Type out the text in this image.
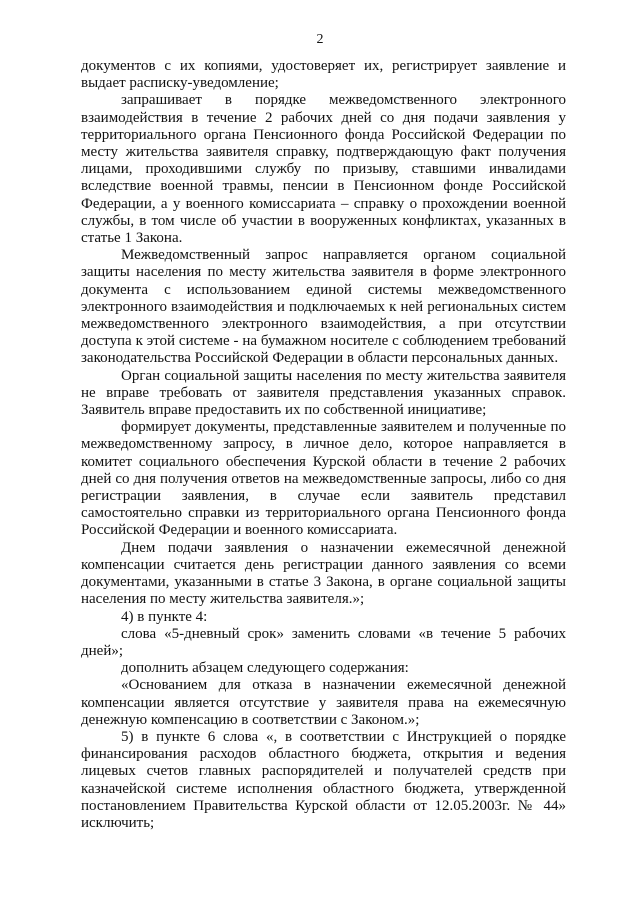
2

документов с их копиями, удостоверяет их, регистрирует заявление и выдает расписку-уведомление;

запрашивает в порядке межведомственного электронного взаимодействия в течение 2 рабочих дней со дня подачи заявления у территориального органа Пенсионного фонда Российской Федерации по месту жительства заявителя справку, подтверждающую факт получения лицами, проходившими службу по призыву, ставшими инвалидами вследствие военной травмы, пенсии в Пенсионном фонде Российской Федерации, а у военного комиссариата – справку о прохождении военной службы, в том числе об участии в вооруженных конфликтах, указанных в статье 1 Закона.

Межведомственный запрос направляется органом социальной защиты населения по месту жительства заявителя в форме электронного документа с использованием единой системы межведомственного электронного взаимодействия и подключаемых к ней региональных систем межведомственного электронного взаимодействия, а при отсутствии доступа к этой системе - на бумажном носителе с соблюдением требований законодательства Российской Федерации в области персональных данных.

Орган социальной защиты населения по месту жительства заявителя не вправе требовать от заявителя представления указанных справок. Заявитель вправе предоставить их по собственной инициативе;

формирует документы, представленные заявителем и полученные по межведомственному запросу, в личное дело, которое направляется в комитет социального обеспечения Курской области в течение 2 рабочих дней со дня получения ответов на межведомственные запросы, либо со дня регистрации заявления, в случае если заявитель представил самостоятельно справки из территориального органа Пенсионного фонда Российской Федерации и военного комиссариата.

Днем подачи заявления о назначении ежемесячной денежной компенсации считается день регистрации данного заявления со всеми документами, указанными в статье 3 Закона, в органе социальной защиты населения по месту жительства заявителя.»;

4) в пункте 4:

слова «5-дневный срок» заменить словами «в течение 5 рабочих дней»;

дополнить абзацем следующего содержания:

«Основанием для отказа в назначении ежемесячной денежной компенсации является отсутствие у заявителя права на ежемесячную денежную компенсацию в соответствии с Законом.»;

5) в пункте 6 слова «, в соответствии с Инструкцией о порядке финансирования расходов областного бюджета, открытия и ведения лицевых счетов главных распорядителей и получателей средств при казначейской системе исполнения областного бюджета, утвержденной постановлением Правительства Курской области от 12.05.2003г. № 44» исключить;
